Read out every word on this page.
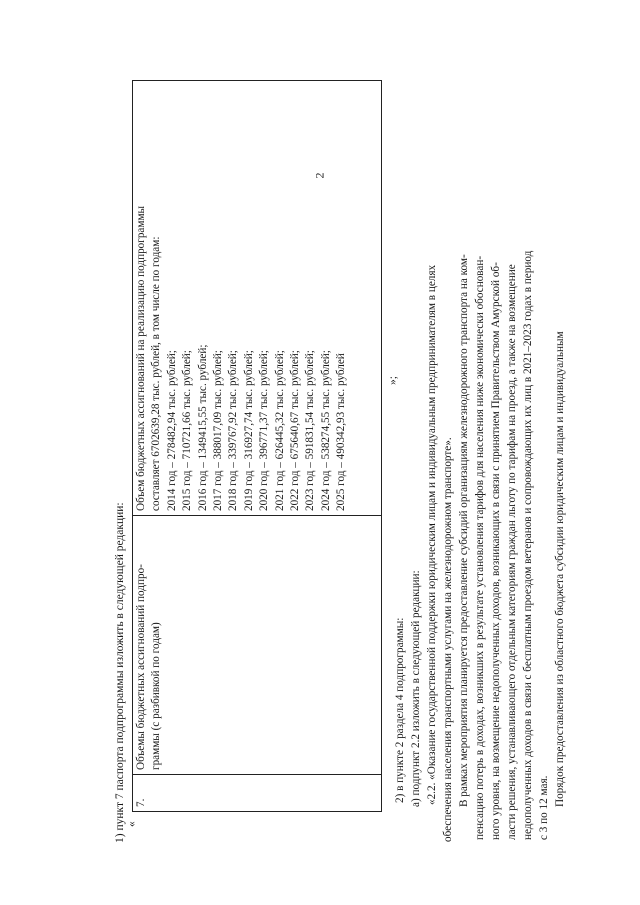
2
1) пункт 7 паспорта подпрограммы изложить в следующей редакции: «
7.	
Объемы бюджетных ассигнований подпро- граммы (с разбивкой по годам)

Объем бюджетных ассигнований на реализацию подпрограммы составляет 6702639,28 тыс. рублей, в том числе по годам: 2014 год – 278482,94 тыс. рублей; 2015 год – 710721,66 тыс. рублей; 2016 год – 1349415,55 тыс. рублей; 2017 год – 388017,09 тыс. рублей; 2018 год – 339767,92 тыс. рублей; 2019 год – 316927,74 тыс. рублей; 2020 год – 396771,37 тыс. рублей; 2021 год – 626445,32 тыс. рублей; 2022 год – 675640,67 тыс. рублей; 2023 год – 591831,54 тыс. рублей; 2024 год – 538274,55 тыс. рублей; 2025 год – 490342,93 тыс. рублей	»;
2) в пункте 2 раздела 4 подпрограммы: а) подпункт 2.2 изложить в следующей редакции: «2.2. «Оказание государственной поддержки юридическим лицам и индивидуальным предпринимателям в целях обеспечения населения транспортными услугами на железнодорожном транспорте». В рамках мероприятия планируется предоставление субсидий организациям железнодорожного транспорта на ком- пенсацию потерь в доходах, возникших в результате установления тарифов для населения ниже экономически обоснован- ного уровня, на возмещение недополученных доходов, возникающих в связи с принятием Правительством Амурской об- ласти решения, устанавливающего отдельным категориям граждан льготу по тарифам на проезд, а также на возмещение недополученных доходов в связи с бесплатным проездом ветеранов и сопровождающих их лиц в 2021–2023 годах в период с 3 по 12 мая.
Порядок предоставления из областного бюджета субсидии юридическим лицам и индивидуальным
